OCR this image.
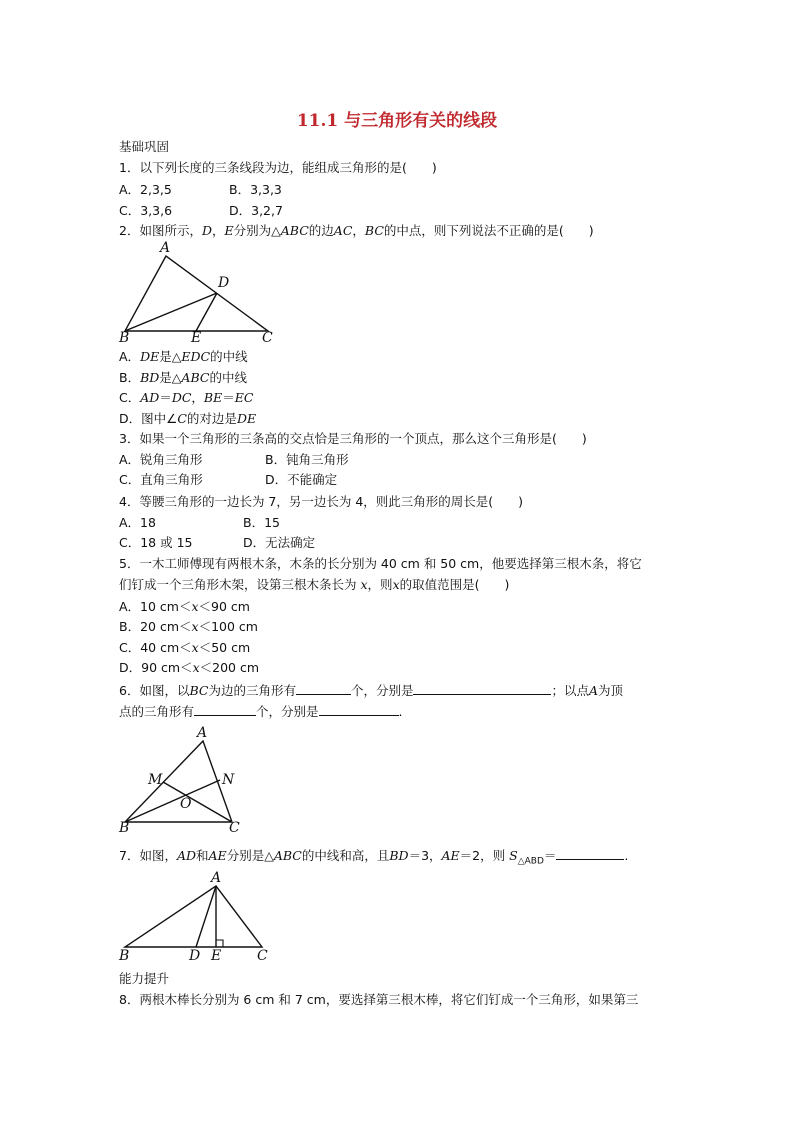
11.1 与三角形有关的线段
基础巩固
1．以下列长度的三条线段为边，能组成三角形的是(　　)
A．2,3,5	B．3,3,3
C．3,3,6	D．3,2,7
2．如图所示，D，E分别为△ABC的边AC，BC的中点，则下列说法不正确的是(　　)
A
D
B	E	C
A．DE是△EDC的中线
B．BD是△ABC的中线
C．AD＝DC，BE＝EC
D．图中∠C的对边是DE
3．如果一个三角形的三条高的交点恰是三角形的一个顶点，那么这个三角形是(　　)
A．锐角三角形	B．钝角三角形
C．直角三角形	D．不能确定
4．等腰三角形的一边长为 7，另一边长为 4，则此三角形的周长是(　　)
A．18	B．15
C．18 或 15	D．无法确定
5．一木工师傅现有两根木条，木条的长分别为 40 cm 和 50 cm，他要选择第三根木条，将它
们钉成一个三角形木架，设第三根木条长为 x，则x的取值范围是(　　)
A．10 cm＜x＜90 cm
B．20 cm＜x＜100 cm
C．40 cm＜x＜50 cm
D．90 cm＜x＜200 cm
6．如图，以BC为边的三角形有	个，分别是	；以点A为顶
点的三角形有	个，分别是	.
A
M	N
O
B	C
7．如图，AD和AE分别是△ABC的中线和高，且BD＝3，AE＝2，则 $S_{\triangle ABD}=$	.
A
B	D E	C
能力提升
8．两根木棒长分别为 6 cm 和 7 cm，要选择第三根木棒，将它们钉成一个三角形，如果第三
